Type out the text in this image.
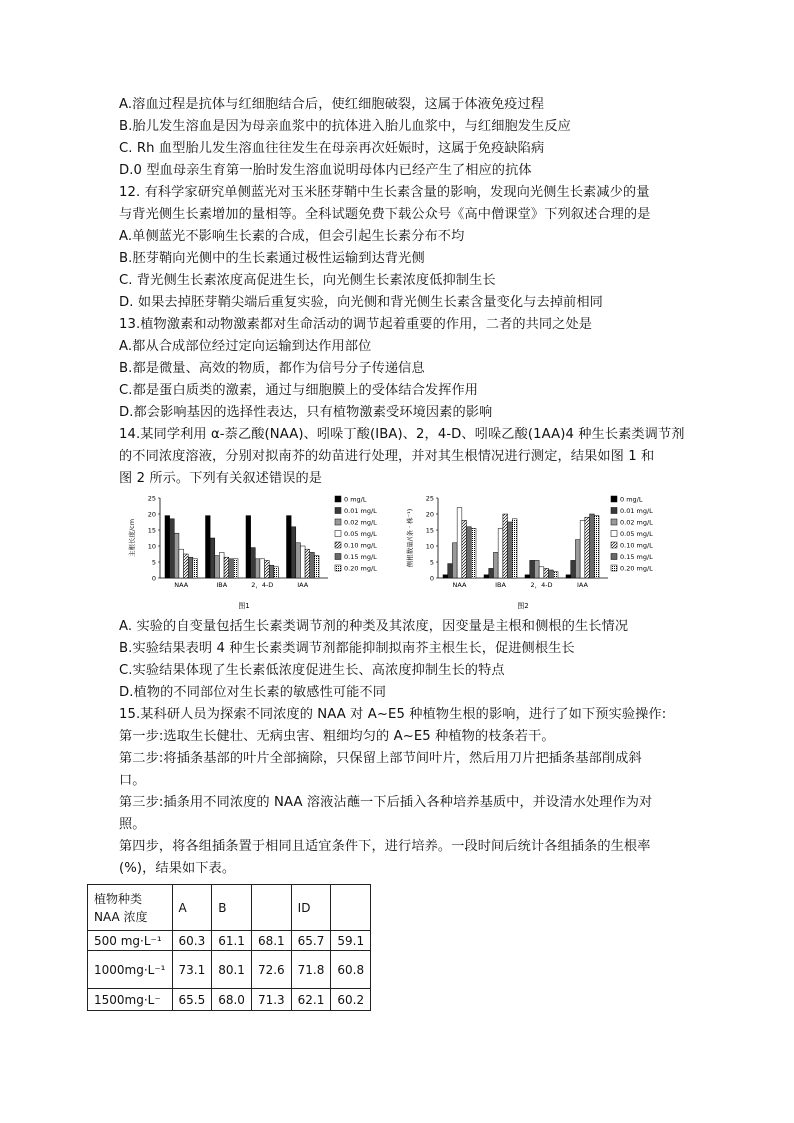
A.溶血过程是抗体与红细胞结合后，使红细胞破裂，这属于体液免疫过程
B.胎儿发生溶血是因为母亲血浆中的抗体进入胎儿血浆中，与红细胞发生反应
C. Rh 血型胎儿发生溶血往往发生在母亲再次妊娠时，这属于免疫缺陷病
D.0 型血母亲生育第一胎时发生溶血说明母体内已经产生了相应的抗体
12. 有科学家研究单侧蓝光对玉米胚芽鞘中生长素含量的影响，发现向光侧生长素减少的量
与背光侧生长素增加的量相等。全科试题免费下载公众号《高中僧课堂》下列叙述合理的是
A.单侧蓝光不影响生长素的合成，但会引起生长素分布不均
B.胚芽鞘向光侧中的生长素通过极性运输到达背光侧
C. 背光侧生长素浓度高促进生长，向光侧生长素浓度低抑制生长
D. 如果去掉胚芽鞘尖端后重复实验，向光侧和背光侧生长素含量变化与去掉前相同
13.植物激素和动物激素都对生命活动的调节起着重要的作用，二者的共同之处是
A.都从合成部位经过定向运输到达作用部位
B.都是微量、高效的物质，都作为信号分子传递信息
C.都是蛋白质类的激素，通过与细胞膜上的受体结合发挥作用
D.都会影响基因的选择性表达，只有植物激素受环境因素的影响
14.某同学利用 α-萘乙酸(NAA)、吲哚丁酸(IBA)、2，4-D、吲哚乙酸(1AA)4 种生长素类调节剂
的不同浓度溶液，分别对拟南芥的幼苗进行处理，并对其生根情况进行测定，结果如图 1 和
图 2 所示。下列有关叙述错误的是
主根长度/cm
0
5
10
15
20
25
NAA	IBA	2，4-D	IAA
图1
0 mg/L
0.01 mg/L
0.02 mg/L
0.05 mg/L
0.10 mg/L
0.15 mg/L
0.20 mg/L
侧根数量/(条 · 株⁻¹)
0
5
10
15
20
25
NAA	IBA	2，4-D	IAA
图2
0 mg/L
0.01 mg/L
0.02 mg/L
0.05 mg/L
0.10 mg/L
0.15 mg/L
0.20 mg/L
A. 实验的自变量包括生长素类调节剂的种类及其浓度，因变量是主根和侧根的生长情况
B.实验结果表明 4 种生长素类调节剂都能抑制拟南芥主根生长，促进侧根生长
C.实验结果体现了生长素低浓度促进生长、高浓度抑制生长的特点
D.植物的不同部位对生长素的敏感性可能不同
15.某科研人员为探索不同浓度的 NAA 对 A~E5 种植物生根的影响，进行了如下预实验操作:
第一步:选取生长健壮、无病虫害、粗细均匀的 A~E5 种植物的枝条若干。
第二步:将插条基部的叶片全部摘除，只保留上部节间叶片，然后用刀片把插条基部削成斜
口。
第三步:插条用不同浓度的 NAA 溶液沾蘸一下后插入各种培养基质中，并设清水处理作为对
照。
第四步，将各组插条置于相同且适宜条件下，进行培养。一段时间后统计各组插条的生根率
(%)，结果如下表。
植物种类
NAA 浓度	A	B		ID	
500 mg·L⁻¹	60.3	61.1	68.1	65.7	59.1
1000mg·L⁻¹	73.1	80.1	72.6	71.8	60.8
1500mg·L⁻	65.5	68.0	71.3	62.1	60.2
